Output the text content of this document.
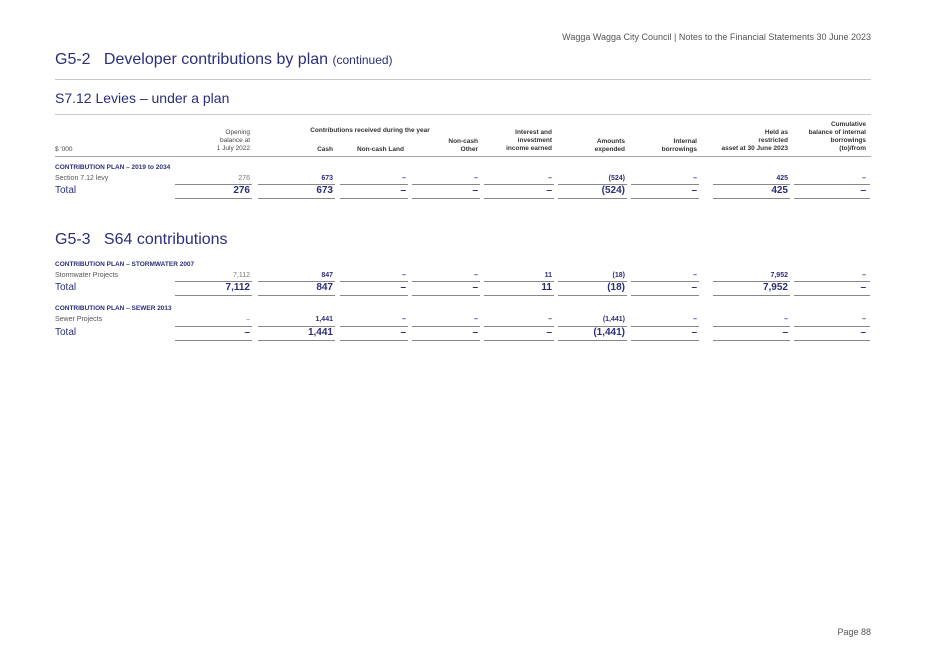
Wagga Wagga City Council | Notes to the Financial Statements 30 June 2023
G5-2 Developer contributions by plan (continued)
S7.12 Levies – under a plan
$ '000
Opening
balance at
1 July 2022
Contributions received during the year
Cash	Non-cash Land
Non-cash
Other
Interest and
investment
income earned
Amounts
expended
Internal
borrowings
Held as
restricted
asset at 30 June 2023
Cumulative
balance of internal
borrowings
(to)/from
CONTRIBUTION PLAN – 2019 to 2034
Section 7.12 levy	276	673	–	–	–	(524)	–	425	–
Total	276	673	–	–	–	(524)	–	425	–
G5-3 S64 contributions
CONTRIBUTION PLAN – STORMWATER 2007
Stormwater Projects	7,112	847	–	–	11	(18)	–	7,952	–
Total	7,112	847	–	–	11	(18)	–	7,952	–
CONTRIBUTION PLAN – SEWER 2013
Sewer Projects	–	1,441	–	–	–	(1,441)	–	–	–
Total	–	1,441	–	–	–	(1,441)	–	–	–
Page 88
